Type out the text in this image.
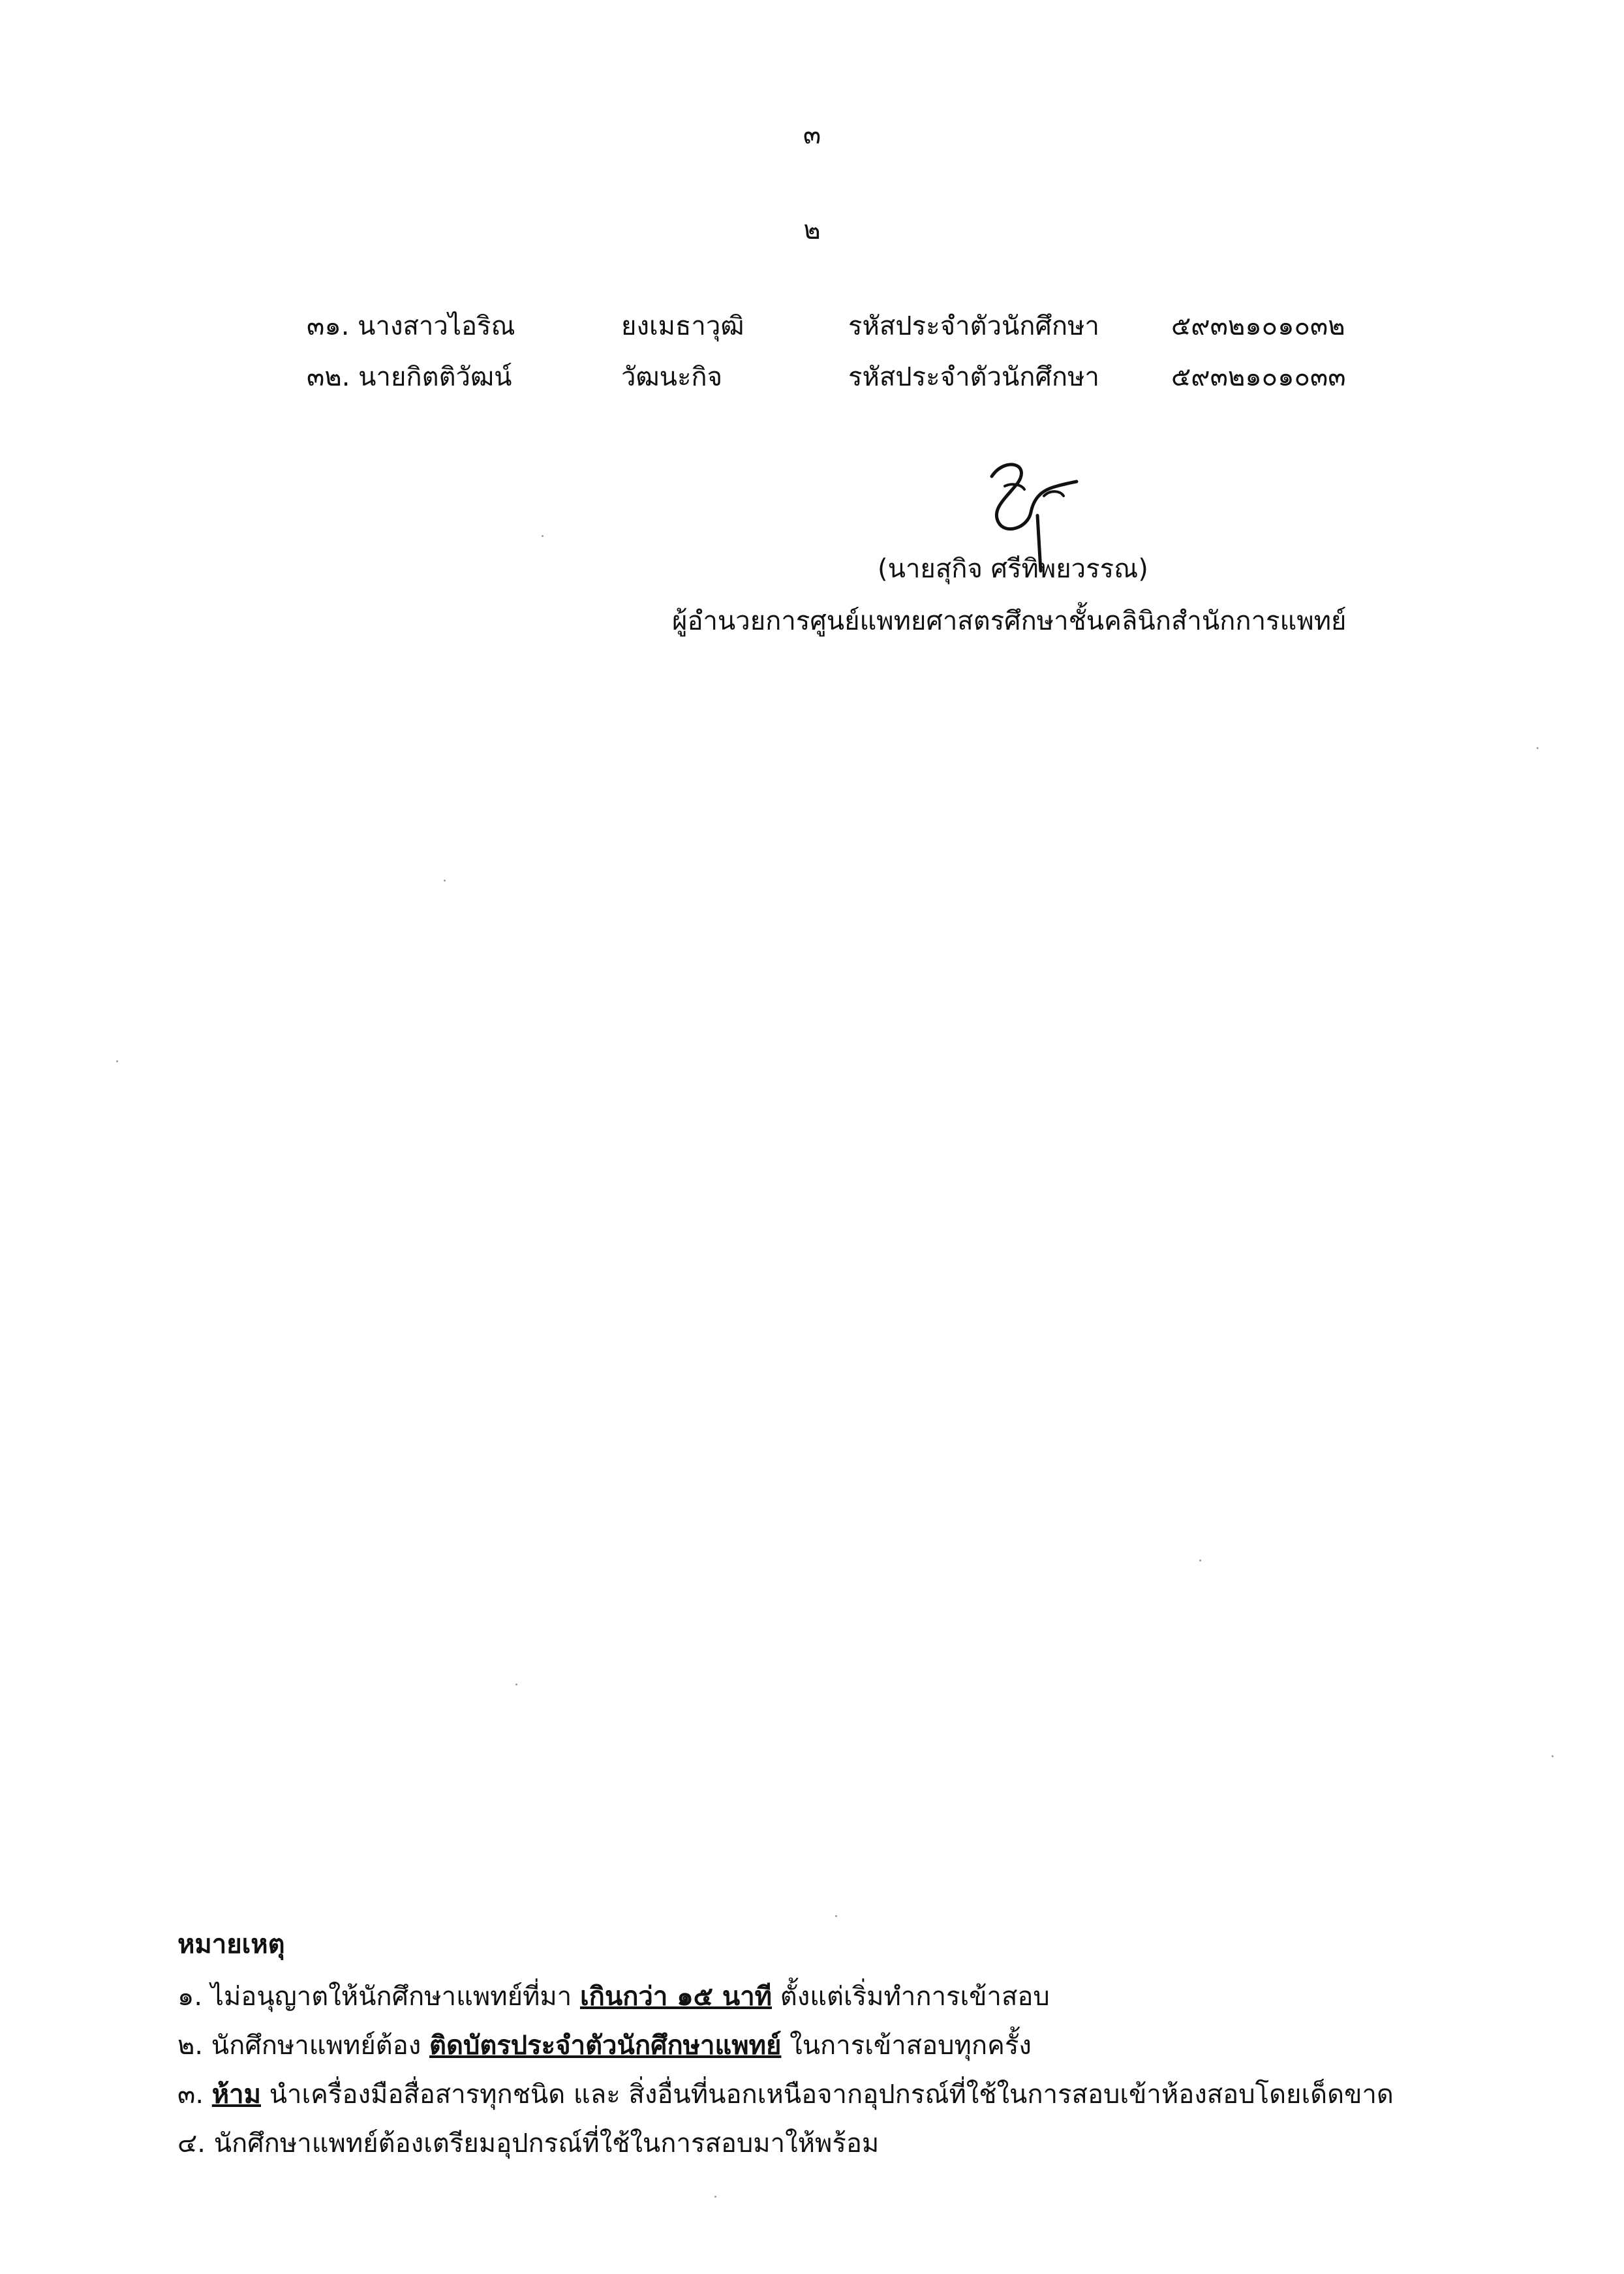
๓
๒
๓๑. นางสาวไอริณ	ยงเมธาวุฒิ	รหัสประจำตัวนักศึกษา	๕๙๓๒๑๐๑๐๓๒
๓๒. นายกิตติวัฒน์	วัฒนะกิจ	รหัสประจำตัวนักศึกษา	๕๙๓๒๑๐๑๐๓๓
(นายสุกิจ ศรีทิพยวรรณ)
ผู้อำนวยการศูนย์แพทยศาสตรศึกษาชั้นคลินิกสำนักการแพทย์
หมายเหตุ
๑. ไม่อนุญาตให้นักศึกษาแพทย์ที่มา เกินกว่า ๑๕ นาที ตั้งแต่เริ่มทำการเข้าสอบ
๒. นักศึกษาแพทย์ต้อง ติดบัตรประจำตัวนักศึกษาแพทย์ ในการเข้าสอบทุกครั้ง
๓. ห้าม นำเครื่องมือสื่อสารทุกชนิด และ สิ่งอื่นที่นอกเหนือจากอุปกรณ์ที่ใช้ในการสอบเข้าห้องสอบโดยเด็ดขาด
๔. นักศึกษาแพทย์ต้องเตรียมอุปกรณ์ที่ใช้ในการสอบมาให้พร้อม
